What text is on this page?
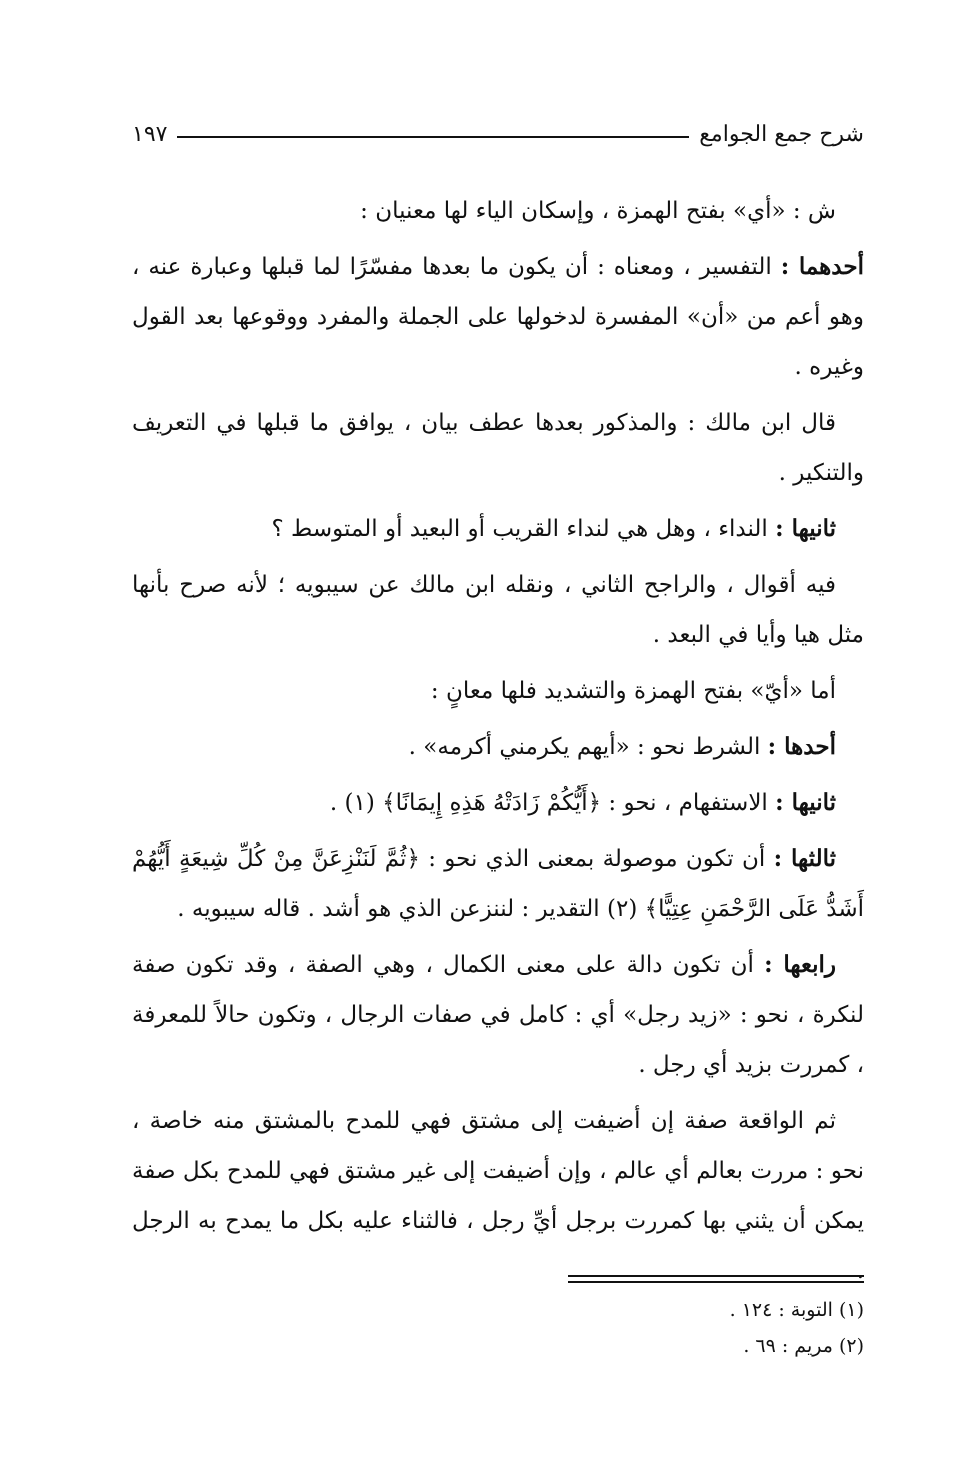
شرح جمع الجوامع
١٩٧

ش : «أي» بفتح الهمزة ، وإسكان الياء لها معنيان :

أحدهما : التفسير ، ومعناه : أن يكون ما بعدها مفسّرًا لما قبلها وعبارة عنه ، وهو أعم من «أن» المفسرة لدخولها على الجملة والمفرد ووقوعها بعد القول وغيره .

قال ابن مالك : والمذكور بعدها عطف بيان ، يوافق ما قبلها في التعريف والتنكير .

ثانيها : النداء ، وهل هي لنداء القريب أو البعيد أو المتوسط ؟

فيه أقوال ، والراجح الثاني ، ونقله ابن مالك عن سيبويه ؛ لأنه صرح بأنها مثل هيا وأيا في البعد .

أما «أيّ» بفتح الهمزة والتشديد فلها معانٍ :

أحدها : الشرط نحو : «أيهم يكرمني أكرمه» .

ثانيها : الاستفهام ، نحو : ﴿أَيُّكُمْ زَادَتْهُ هَذِهِ إِيمَانًا﴾ (١) .

ثالثها : أن تكون موصولة بمعنى الذي نحو : ﴿ثُمَّ لَنَنْزِعَنَّ مِنْ كُلِّ شِيعَةٍ أَيُّهُمْ أَشَدُّ عَلَى الرَّحْمَنِ عِتِيًّا﴾ (٢) التقدير : لننزعن الذي هو أشد . قاله سيبويه .

رابعها : أن تكون دالة على معنى الكمال ، وهي الصفة ، وقد تكون صفة لنكرة ، نحو : «زيد رجل» أي : كامل في صفات الرجال ، وتكون حالاً للمعرفة ، كمررت بزيد أي رجل .

ثم الواقعة صفة إن أضيفت إلى مشتق فهي للمدح بالمشتق منه خاصة ، نحو : مررت بعالم أي عالم ، وإن أضيفت إلى غير مشتق فهي للمدح بكل صفة يمكن أن يثني بها كمررت برجل أيِّ رجل ، فالثناء عليه بكل ما يمدح به الرجل .

(١) التوبة : ١٢٤ .
(٢) مريم : ٦٩ .
